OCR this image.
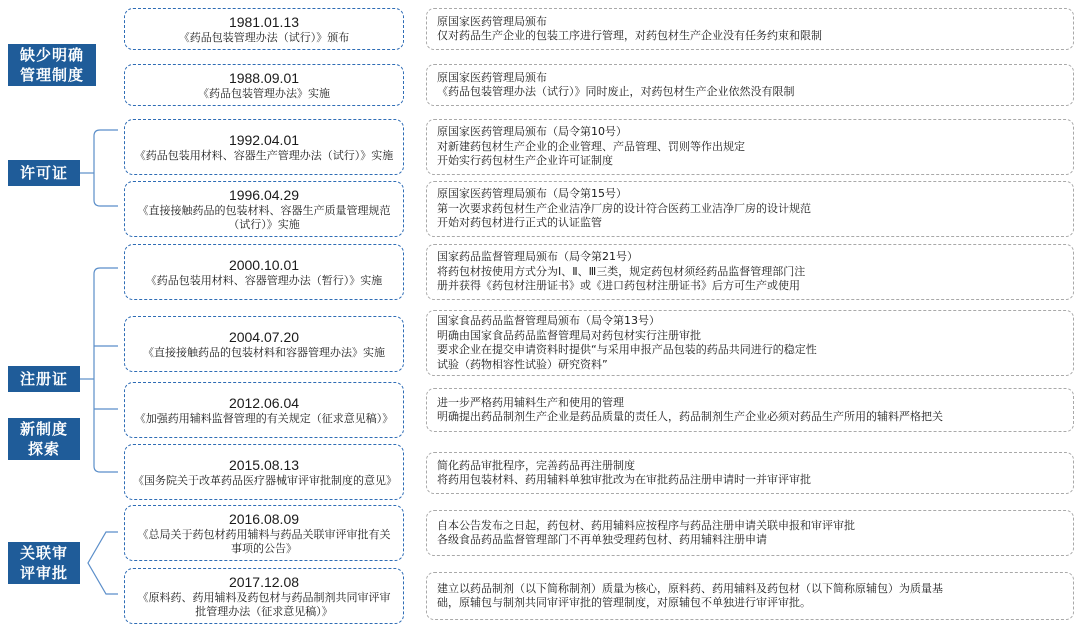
缺少明确管理制度
许可证
注册证
新制度探索
关联审评审批
1981.01.13
《药品包装管理办法（试行）》颁布
1988.09.01
《药品包装管理办法》实施
1992.04.01
《药品包装用材料、容器生产管理办法（试行）》实施
1996.04.29
《直接接触药品的包装材料、容器生产质量管理规范（试行）》实施
2000.10.01
《药品包装用材料、容器管理办法（暂行）》实施
2004.07.20
《直接接触药品的包装材料和容器管理办法》实施
2012.06.04
《加强药用辅料监督管理的有关规定（征求意见稿）》
2015.08.13
《国务院关于改革药品医疗器械审评审批制度的意见》
2016.08.09
《总局关于药包材药用辅料与药品关联审评审批有关事项的公告》
2017.12.08
《原料药、药用辅料及药包材与药品制剂共同审评审批管理办法（征求意见稿）》
原国家医药管理局颁布
仅对药品生产企业的包装工序进行管理，对药包材生产企业没有任务约束和限制
原国家医药管理局颁布
《药品包装管理办法（试行）》同时废止，对药包材生产企业依然没有限制
原国家医药管理局颁布（局令第10号）
对新建药包材生产企业的企业管理、产品管理、罚则等作出规定
开始实行药包材生产企业许可证制度
原国家医药管理局颁布（局令第15号）
第一次要求药包材生产企业洁净厂房的设计符合医药工业洁净厂房的设计规范
开始对药包材进行正式的认证监管
国家药品监督管理局颁布（局令第21号）
将药包材按使用方式分为Ⅰ、Ⅱ、Ⅲ三类，规定药包材须经药品监督管理部门注
册并获得《药包材注册证书》或《进口药包材注册证书》后方可生产或使用
国家食品药品监督管理局颁布（局令第13号）
明确由国家食品药品监督管理局对药包材实行注册审批
要求企业在提交申请资料时提供“与采用申报产品包装的药品共同进行的稳定性
试验（药物相容性试验）研究资料”
进一步严格药用辅料生产和使用的管理
明确提出药品制剂生产企业是药品质量的责任人，药品制剂生产企业必须对药品生产所用的辅料严格把关
简化药品审批程序，完善药品再注册制度
将药用包装材料、药用辅料单独审批改为在审批药品注册申请时一并审评审批
自本公告发布之日起，药包材、药用辅料应按程序与药品注册申请关联申报和审评审批
各级食品药品监督管理部门不再单独受理药包材、药用辅料注册申请
建立以药品制剂（以下简称制剂）质量为核心，原料药、药用辅料及药包材（以下简称原辅包）为质量基
础，原辅包与制剂共同审评审批的管理制度，对原辅包不单独进行审评审批。
